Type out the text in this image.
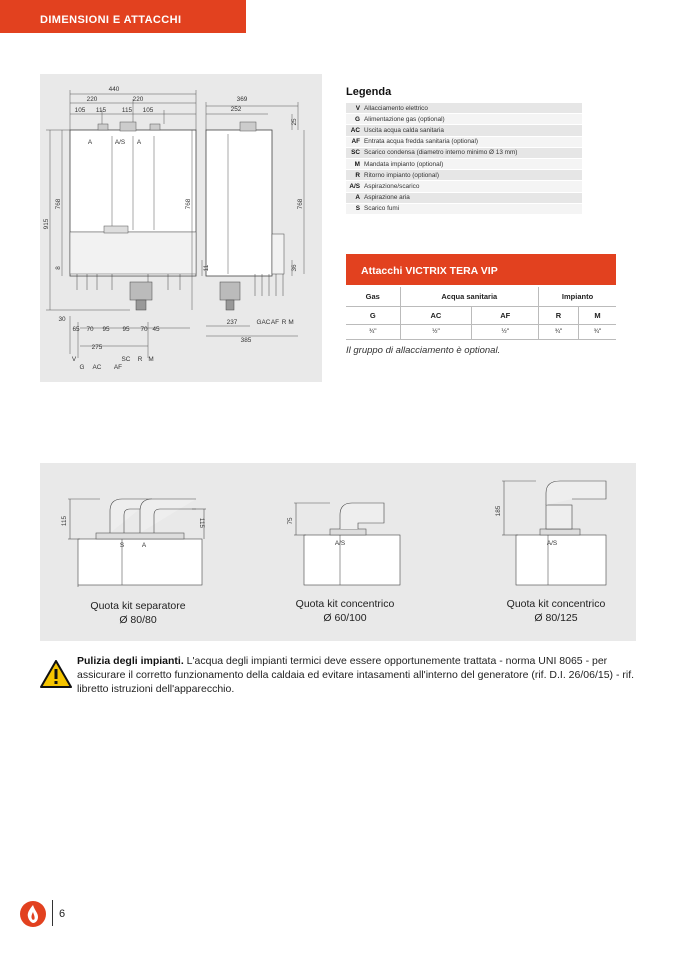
DIMENSIONI E ATTACCHI
440
220	220
105 115 115 105
A	A/S A
915
768
8	11
30
65 70 95 95 70 45
275
V
G AC AF
SC R M
369
252
25
768	768
36
237
385
G AC AF R M
Legenda
V Allacciamento elettrico
G Alimentazione gas (optional)
AC Uscita acqua calda sanitaria
AF Entrata acqua fredda sanitaria (optional)
SC Scarico condensa (diametro interno minimo Ø 13 mm)
M Mandata impianto (optional)
R Ritorno impianto (optional)
A/S Aspirazione/scarico
A Aspirazione aria
S Scarico fumi
Attacchi VICTRIX TERA VIP
Gas	Acqua sanitaria		Impianto	
G	AC	AF	R	M
¾"	½"	½"	¾"	¾"
Il gruppo di allacciamento è optional.
115	115
S	A
75
A/S
185
A/S
Quota kit separatore
Ø 80/80
Quota kit concentrico
Ø 60/100
Quota kit concentrico
Ø 80/125
Pulizia degli impianti. L'acqua degli impianti termici deve essere opportunemente trattata - norma UNI 8065 - per assicurare il corretto funzionamento della caldaia ed evitare intasamenti all'interno del generatore (rif. D.I. 26/06/15) - rif. libretto istruzioni dell'apparecchio.
6
